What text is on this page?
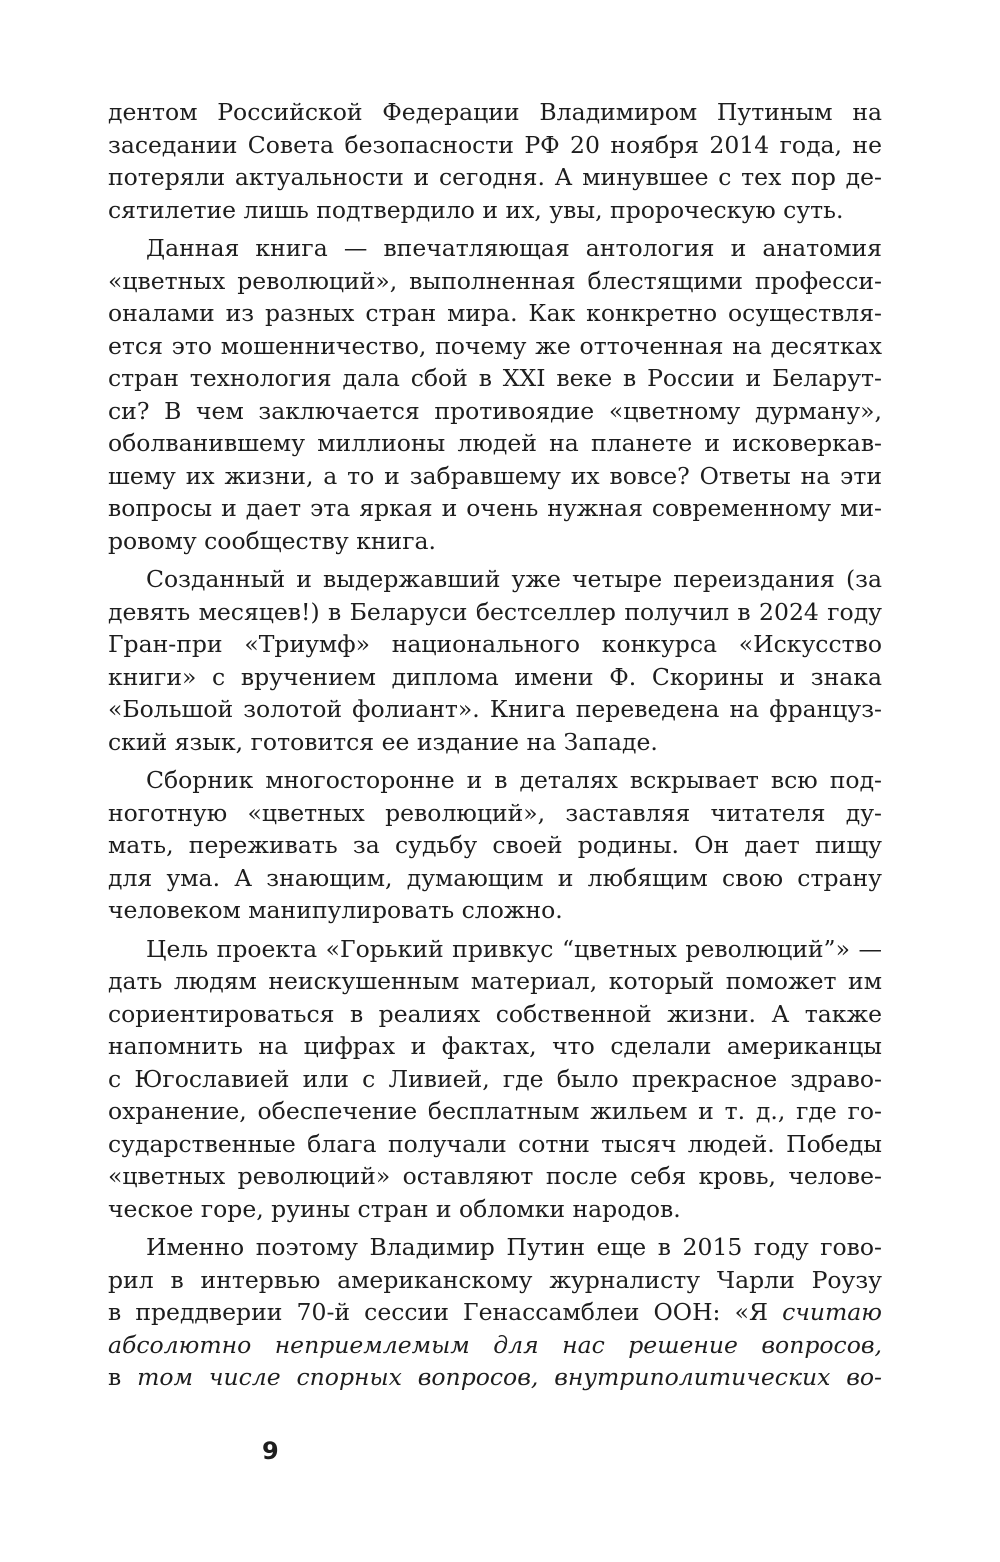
дентом Российской Федерации Владимиром Путиным на
заседании Совета безопасности РФ 20 ноября 2014 года, не
потеряли актуальности и сегодня. А минувшее с тех пор де-
сятилетие лишь подтвердило и их, увы, пророческую суть.
Данная книга — впечатляющая антология и анатомия
«цветных революций», выполненная блестящими професси-
оналами из разных стран мира. Как конкретно осуществля-
ется это мошенничество, почему же отточенная на десятках
стран технология дала сбой в XXI веке в России и Беларут-
си? В чем заключается противоядие «цветному дурману»,
оболванившему миллионы людей на планете и исковеркав-
шему их жизни, а то и забравшему их вовсе? Ответы на эти
вопросы и дает эта яркая и очень нужная современному ми-
ровому сообществу книга.
Созданный и выдержавший уже четыре переиздания (за
девять месяцев!) в Беларуси бестселлер получил в 2024 году
Гран-при «Триумф» национального конкурса «Искусство
книги» с вручением диплома имени Ф. Скорины и знака
«Большой золотой фолиант». Книга переведена на француз-
ский язык, готовится ее издание на Западе.
Сборник многосторонне и в деталях вскрывает всю под-
ноготную «цветных революций», заставляя читателя ду-
мать, переживать за судьбу своей родины. Он дает пищу
для ума. А знающим, думающим и любящим свою страну
человеком манипулировать сложно.
Цель проекта «Горький привкус “цветных революций”» —
дать людям неискушенным материал, который поможет им
сориентироваться в реалиях собственной жизни. А также
напомнить на цифрах и фактах, что сделали американцы
с Югославией или с Ливией, где было прекрасное здраво-
охранение, обеспечение бесплатным жильем и т. д., где го-
сударственные блага получали сотни тысяч людей. Победы
«цветных революций» оставляют после себя кровь, челове-
ческое горе, руины стран и обломки народов.
Именно поэтому Владимир Путин еще в 2015 году гово-
рил в интервью американскому журналисту Чарли Роузу
в преддверии 70-й сессии Генассамблеи ООН: «Я считаю
абсолютно неприемлемым для нас решение вопросов,
в том числе спорных вопросов, внутриполитических во-
9
